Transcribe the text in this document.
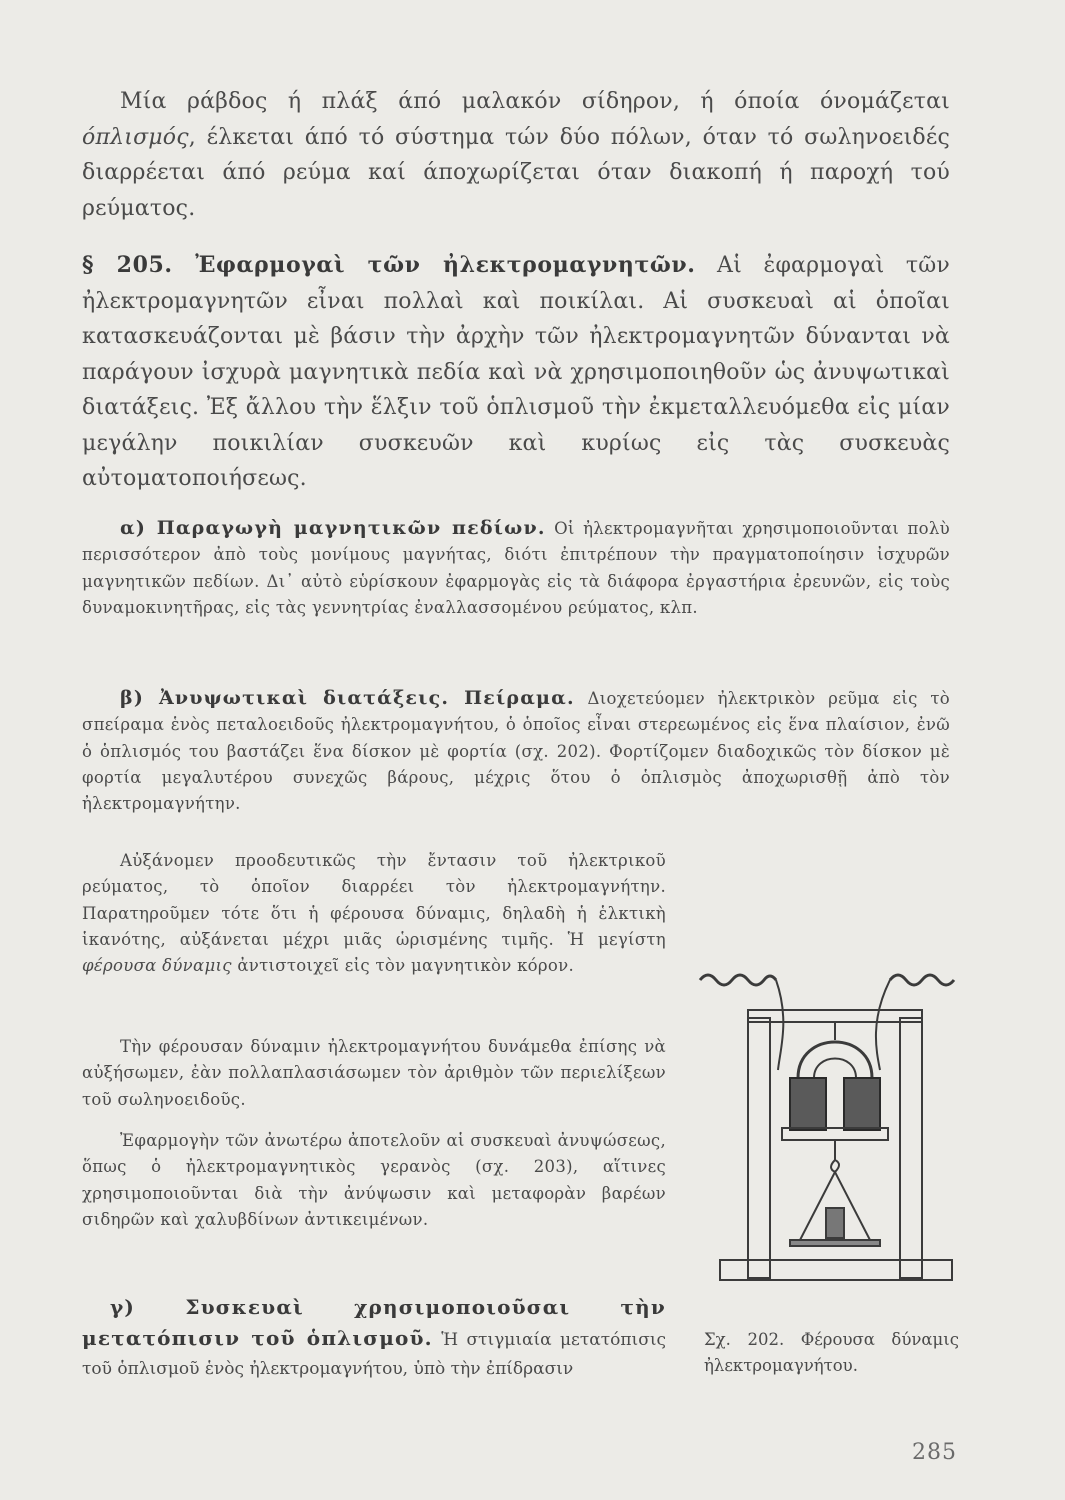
Μία ράβδος ή πλάξ άπό μαλακόν σίδηρον, ή όποία όνομάζεται όπλισμός, έλκεται άπό τό σύστημα τών δύο πόλων, όταν τό σωληνοειδές διαρρέεται άπό ρεύμα καί άποχωρίζεται όταν διακοπή ή παροχή τού ρεύματος.

§ 205. Ἐφαρμογαὶ τῶν ἠλεκτρομαγνητῶν. Αἱ ἐφαρμογαὶ τῶν ἠλεκτρομαγνητῶν εἶναι πολλαὶ καὶ ποικίλαι. Αἱ συσκευαὶ αἱ ὁποῖαι κατασκευάζονται μὲ βάσιν τὴν ἀρχὴν τῶν ἠλεκτρομαγνητῶν δύνανται νὰ παράγουν ἰσχυρὰ μαγνητικὰ πεδία καὶ νὰ χρησιμοποιηθοῦν ὡς ἀνυψωτικαὶ διατάξεις. Ἐξ ἄλλου τὴν ἕλξιν τοῦ ὁπλισμοῦ τὴν ἐκμεταλλευόμεθα εἰς μίαν μεγάλην ποικιλίαν συσκευῶν καὶ κυρίως εἰς τὰς συσκευὰς αὐτοματοποιήσεως.

α) Παραγωγὴ μαγνητικῶν πεδίων. Οἱ ἠλεκτρομαγνῆται χρησιμοποιοῦνται πολὺ περισσότερον ἀπὸ τοὺς μονίμους μαγνήτας, διότι ἐπιτρέπουν τὴν πραγματοποίησιν ἰσχυρῶν μαγνητικῶν πεδίων. Δι᾿ αὐτὸ εὑρίσκουν ἐφαρμογὰς εἰς τὰ διάφορα ἐργαστήρια ἐρευνῶν, εἰς τοὺς δυναμοκινητῆρας, εἰς τὰς γεννητρίας ἐναλλασσομένου ρεύματος, κλπ.

β) Ἀνυψωτικαὶ διατάξεις. Πείραμα. Διοχετεύομεν ἠλεκτρικὸν ρεῦμα εἰς τὸ σπείραμα ἑνὸς πεταλοειδοῦς ἠλεκτρομαγνήτου, ὁ ὁποῖος εἶναι στερεωμένος εἰς ἕνα πλαίσιον, ἐνῶ ὁ ὁπλισμός του βαστάζει ἕνα δίσκον μὲ φορτία (σχ. 202). Φορτίζομεν διαδοχικῶς τὸν δίσκον μὲ φορτία μεγαλυτέρου συνεχῶς βάρους, μέχρις ὅτου ὁ ὁπλισμὸς ἀποχωρισθῇ ἀπὸ τὸν ἠλεκτρομαγνήτην.

Αὐξάνομεν προοδευτικῶς τὴν ἔντασιν τοῦ ἠλεκτρικοῦ ρεύματος, τὸ ὁποῖον διαρρέει τὸν ἠλεκτρομαγνήτην. Παρατηροῦμεν τότε ὅτι ἡ φέρουσα δύναμις, δηλαδὴ ἡ ἑλκτικὴ ἱκανότης, αὐξάνεται μέχρι μιᾶς ὡρισμένης τιμῆς. Ἡ μεγίστη φέρουσα δύναμις ἀντιστοιχεῖ εἰς τὸν μαγνητικὸν κόρον.

Τὴν φέρουσαν δύναμιν ἠλεκτρομαγνήτου δυνάμεθα ἐπίσης νὰ αὐξήσωμεν, ἐὰν πολλαπλασιάσωμεν τὸν ἀριθμὸν τῶν περιελίξεων τοῦ σωληνοειδοῦς.

Ἐφαρμογὴν τῶν ἀνωτέρω ἀποτελοῦν αἱ συσκευαὶ ἀνυψώσεως, ὅπως ὁ ἠλεκτρομαγνητικὸς γερανὸς (σχ. 203), αἵτινες χρησιμοποιοῦνται διὰ τὴν ἀνύψωσιν καὶ μεταφορὰν βαρέων σιδηρῶν καὶ χαλυβδίνων ἀντικειμένων.

γ) Συσκευαὶ χρησιμοποιοῦσαι τὴν μετατόπισιν τοῦ ὁπλισμοῦ. Ἡ στιγμιαία μετατόπισις τοῦ ὁπλισμοῦ ἑνὸς ἠλεκτρομαγνήτου, ὑπὸ τὴν ἐπίδρασιν

Σχ. 202. Φέρουσα δύναμις ἠλεκτρομαγνήτου.

285
